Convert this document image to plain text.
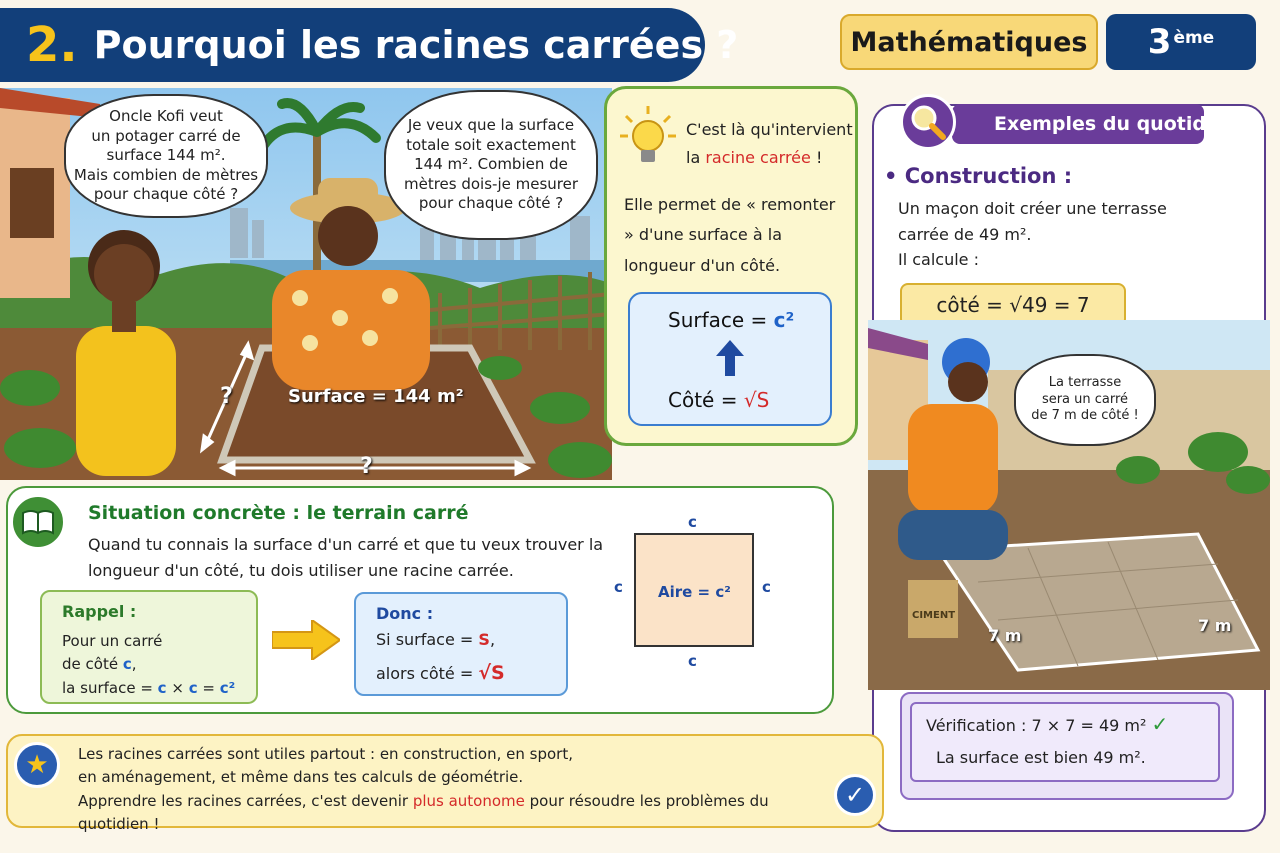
2. Pourquoi les racines carrées ?	Mathématiques	3ème
Oncle Kofi veut
un potager carré de
surface 144 m².
Mais combien de mètres
pour chaque côté ?
Je veux que la surface
totale soit exactement
144 m². Combien de
mètres dois-je mesurer
pour chaque côté ?
Surface = 144 m²
?
?
C'est là qu'intervient
la racine carrée !
Elle permet de « remonter » d'une surface à la longueur d'un côté.
Surface = c²
Côté = √S
Exemples du quotidien
• Construction :
Un maçon doit créer une terrasse
carrée de 49 m².
Il calcule :
côté = √49 = 7
La terrasse
sera un carré
de 7 m de côté !
7 m
7 m
CIMENT
Vérification : 7 × 7 = 49 m² ✓
La surface est bien 49 m².
Situation concrète : le terrain carré
Quand tu connais la surface d'un carré et que tu veux trouver la longueur d'un côté, tu dois utiliser une racine carrée.
Rappel :
Pour un carré
de côté c,
la surface = c × c = c²
Donc :
Si surface = S,
alors côté = √S
Aire = c²
c
c	c
c
★	Les racines carrées sont utiles partout : en construction, en sport,
en aménagement, et même dans tes calculs de géométrie.
Apprendre les racines carrées, c'est devenir plus autonome pour résoudre les problèmes du quotidien !
✓
